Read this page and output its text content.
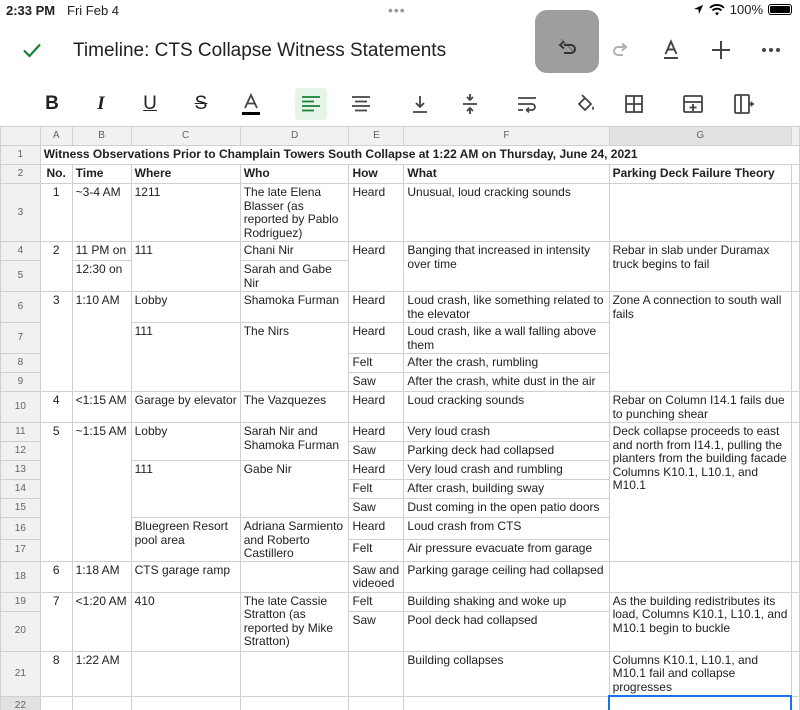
2:33 PM Fri Feb 4	•••	100%
Timeline: CTS Collapse Witness Statements
B I U S
	A	B	C	D	E	F	G	
1	Witness Observations Prior to Champlain Towers South Collapse at 1:22 AM on Thursday, June 24, 2021							
2	No.	Time	Where	Who	How	What	Parking Deck Failure Theory	
3	1	~3-4 AM	1211	The late Elena Blasser (as reported by Pablo Rodriguez)	Heard	Unusual, loud cracking sounds		
4	2	11 PM on	111	Chani Nir	Heard	Banging that increased in intensity over time	Rebar in slab under Duramax truck begins to fail	
5		12:30 on		Sarah and Gabe Nir				
6	3	1:10 AM	Lobby	Shamoka Furman	Heard	Loud crash, like something related to the elevator	Zone A connection to south wall fails	
7			111	The Nirs	Heard	Loud crash, like a wall falling above them		
8					Felt	After the crash, rumbling		
9					Saw	After the crash, white dust in the air		
10	4	<1:15 AM	Garage by elevator	The Vazquezes	Heard	Loud cracking sounds	Rebar on Column I14.1 fails due to punching shear	
11	5	~1:15 AM	Lobby	Sarah Nir and Shamoka Furman	Heard	Very loud crash	Deck collapse proceeds to east and north from I14.1, pulling the planters from the building facade Columns K10.1, L10.1, and M10.1	
12					Saw	Parking deck had collapsed		
13			111	Gabe Nir	Heard	Very loud crash and rumbling		
14					Felt	After crash, building sway		
15					Saw	Dust coming in the open patio doors		
16			Bluegreen Resort pool area	Adriana Sarmiento and Roberto Castillero	Heard	Loud crash from CTS		
17					Felt	Air pressure evacuate from garage		
18	6	1:18 AM	CTS garage ramp		Saw and videoed	Parking garage ceiling had collapsed		
19	7	<1:20 AM	410	The late Cassie Stratton (as reported by Mike Stratton)	Felt	Building shaking and woke up	As the building redistributes its load, Columns K10.1, L10.1, and M10.1 begin to buckle	
20					Saw	Pool deck had collapsed		
21	8	1:22 AM				Building collapses	Columns K10.1, L10.1, and M10.1 fail and collapse progresses	
22								
